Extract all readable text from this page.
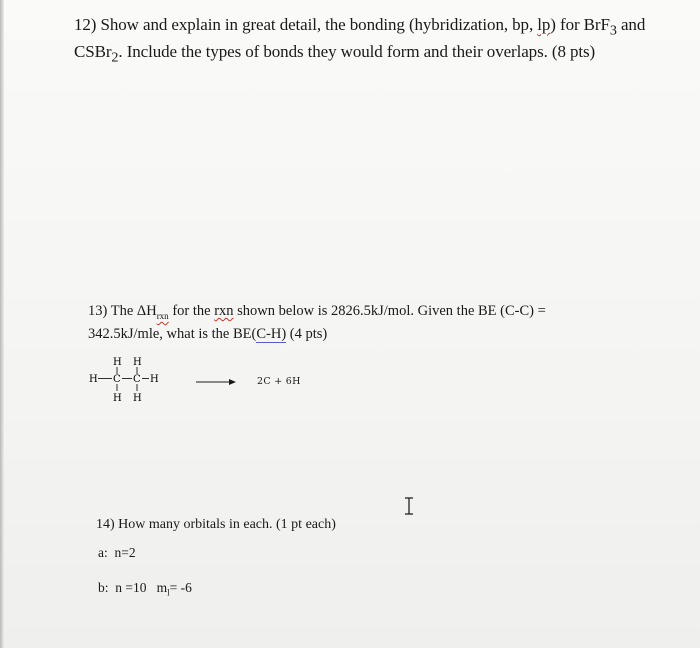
12) Show and explain in great detail, the bonding (hybridization, bp, lp) for BrF$_3$ and CSBr$_2$. Include the types of bonds they would form and their overlaps. (8 pts)

13) The $\Delta H_{rxn}$ for the rxn shown below is 2826.5kJ/mol. Given the BE (C-C) =
342.5kJ/mle, what is the BE(C-H) (4 pts)

H H
H C C H
H H
→ 2C + 6H

14) How many orbitals in each. (1 pt each)

a: n=2

b: n =10 $m_l= -6$
